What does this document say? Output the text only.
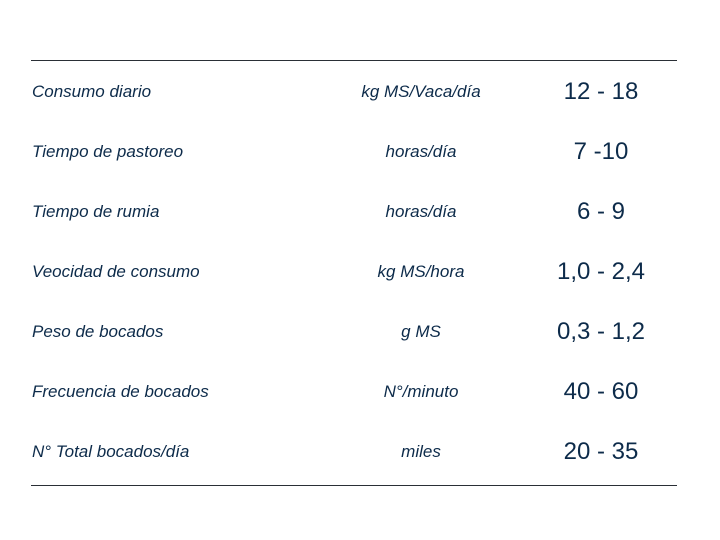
Consumo diario	kg MS/Vaca/día	12 - 18
Tiempo de pastoreo	horas/día	7 -10
Tiempo de rumia	horas/día	6 - 9
Veocidad de consumo	kg MS/hora	1,0 - 2,4
Peso de bocados	g MS	0,3 - 1,2
Frecuencia de bocados	N°/minuto	40 - 60
N° Total bocados/día	miles	20 - 35
